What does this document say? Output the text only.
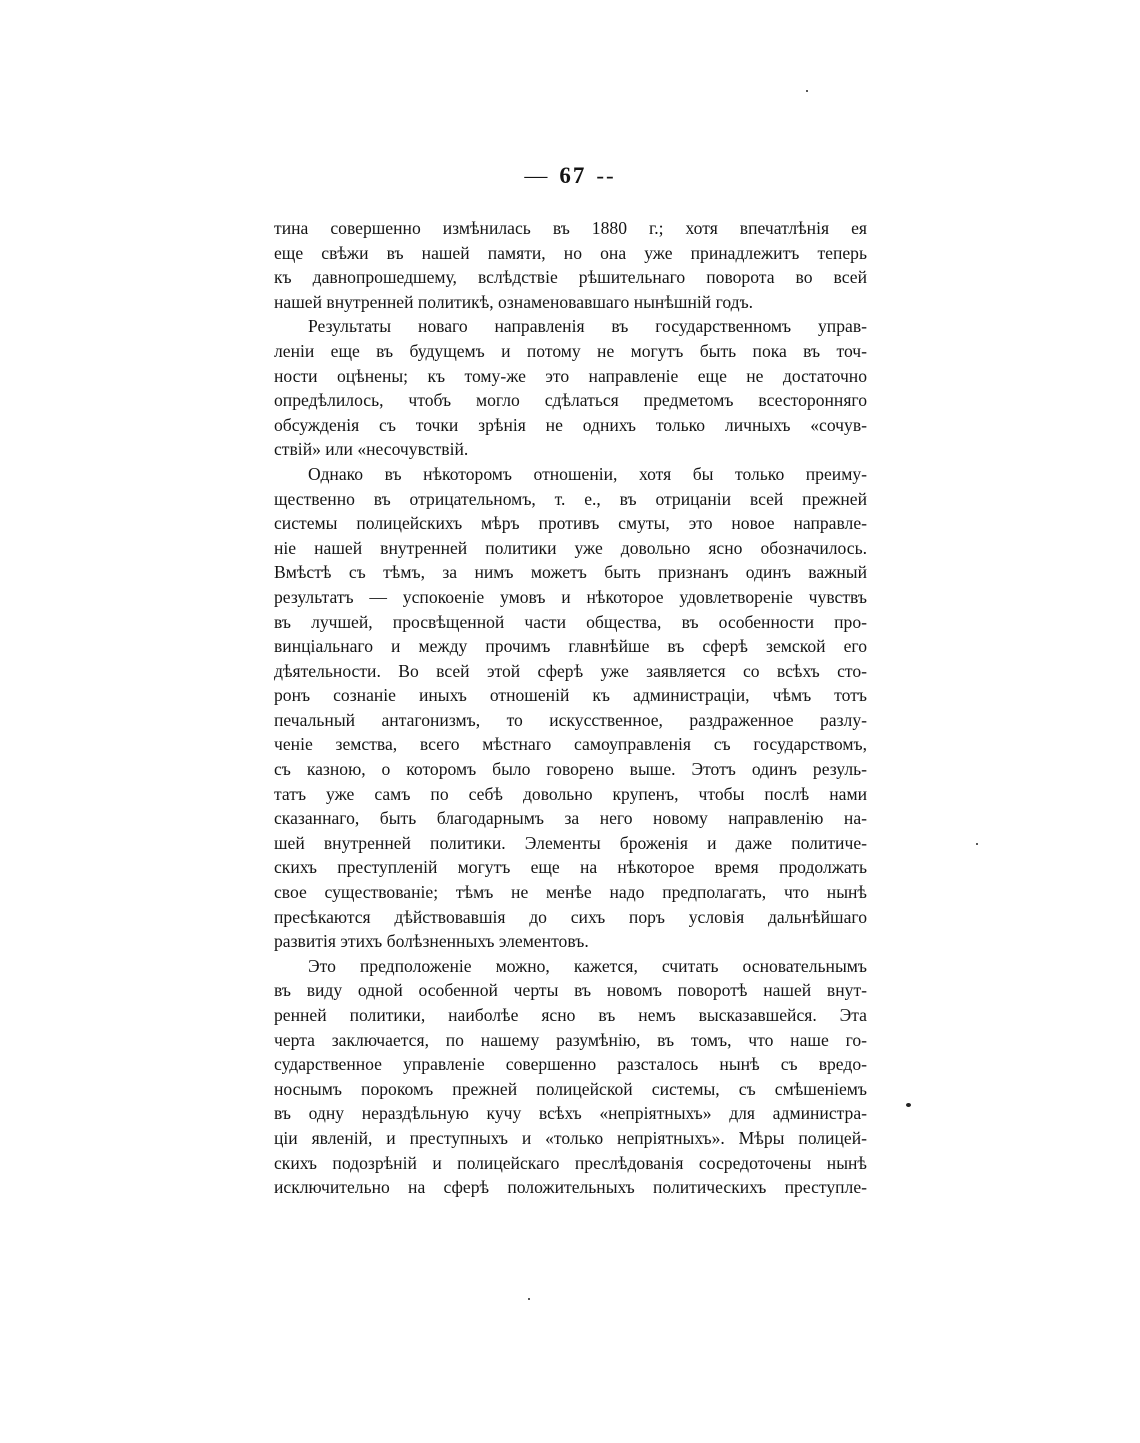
— 67 --
тина совершенно измѣнилась въ 1880 г.; хотя впечатлѣнія ея
еще свѣжи въ нашей памяти, но она уже принадлежитъ теперь
къ давнопрошедшему, вслѣдствіе рѣшительнаго поворота во всей
нашей внутренней политикѣ, ознаменовавшаго нынѣшній годъ.
Результаты новаго направленія въ государственномъ управ-
леніи еще въ будущемъ и потому не могутъ быть пока въ точ-
ности оцѣнены; къ тому-же это направленіе еще не достаточно
опредѣлилось, чтобъ могло сдѣлаться предметомъ всесторонняго
обсужденія съ точки зрѣнія не однихъ только личныхъ «сочув-
ствій» или «несочувствій.
Однако въ нѣкоторомъ отношеніи, хотя бы только преиму-
щественно въ отрицательномъ, т. е., въ отрицаніи всей прежней
системы полицейскихъ мѣръ противъ смуты, это новое направле-
ніе нашей внутренней политики уже довольно ясно обозначилось.
Вмѣстѣ съ тѣмъ, за нимъ можетъ быть признанъ одинъ важный
результатъ — успокоеніе умовъ и нѣкоторое удовлетвореніе чувствъ
въ лучшей, просвѣщенной части общества, въ особенности про-
винціальнаго и между прочимъ главнѣйше въ сферѣ земской его
дѣятельности. Во всей этой сферѣ уже заявляется со всѣхъ сто-
ронъ сознаніе иныхъ отношеній къ администраціи, чѣмъ тотъ
печальный антагонизмъ, то искусственное, раздраженное разлу-
ченіе земства, всего мѣстнаго самоуправленія съ государствомъ,
съ казною, о которомъ было говорено выше. Этотъ одинъ резуль-
татъ уже самъ по себѣ довольно крупенъ, чтобы послѣ нами
сказаннаго, быть благодарнымъ за него новому направленію на-
шей внутренней политики. Элементы броженія и даже политиче-
скихъ преступленій могутъ еще на нѣкоторое время продолжать
свое существованіе; тѣмъ не менѣе надо предполагать, что нынѣ
пресѣкаются дѣйствовавшія до сихъ поръ условія дальнѣйшаго
развитія этихъ болѣзненныхъ элементовъ.
Это предположеніе можно, кажется, считать основательнымъ
въ виду одной особенной черты въ новомъ поворотѣ нашей внут-
ренней политики, наиболѣе ясно въ немъ высказавшейся. Эта
черта заключается, по нашему разумѣнію, въ томъ, что наше го-
сударственное управленіе совершенно разсталось нынѣ съ вредо-
носнымъ порокомъ прежней полицейской системы, съ смѣшеніемъ
въ одну нераздѣльную кучу всѣхъ «непріятныхъ» для администра-
ціи явленій, и преступныхъ и «только непріятныхъ». Мѣры полицей-
скихъ подозрѣній и полицейскаго преслѣдованія сосредоточены нынѣ
исключительно на сферѣ положительныхъ политическихъ преступле-
